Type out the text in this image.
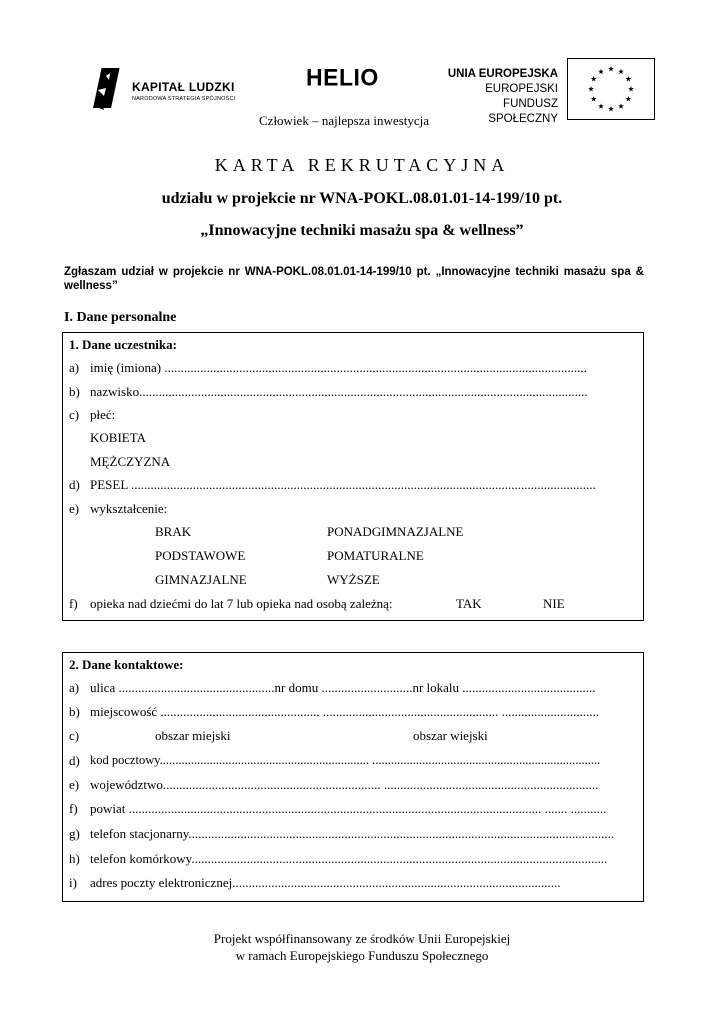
KAPITAŁ LUDZKI
NARODOWA STRATEGIA SPÓJNOŚCI
HELIO	UNIA EUROPEJSKA
EUROPEJSKI
FUNDUSZ SPOŁECZNY
Człowiek – najlepsza inwestycja
KARTA REKRUTACYJNA
udziału w projekcie nr WNA-POKL.08.01.01-14-199/10 pt.
„Innowacyjne techniki masażu spa & wellness”
Zgłaszam udział w projekcie nr WNA-POKL.08.01.01-14-199/10 pt. „Innowacyjne techniki masażu spa & wellness”
I. Dane personalne
1. Dane uczestnika:
a) imię (imiona) ..................................................................................................................................
b) nazwisko..........................................................................................................................................
c) płeć:
KOBIETA
MĘŻCZYZNA
d) PESEL ...............................................................................................................................................
e) wykształcenie:
BRAK	PONADGIMNAZJALNE
PODSTAWOWE	POMATURALNE
GIMNAZJALNE	WYŻSZE
f) opieka nad dziećmi do lat 7 lub opieka nad osobą zależną:	TAK	NIE
2. Dane kontaktowe:
a) ulica ................................................nr domu ............................nr lokalu .........................................
b) miejscowość ................................................. ...................................................... ..............................
c)	obszar miejski	obszar wiejski
d) kod pocztowy................................................................... .........................................................................
e) województwo................................................................... ..................................................................
f) powiat ............................................................................................................................... ....... ...........
g) telefon stacjonarny...................................................................................................................................
h) telefon komórkowy................................................................................................................................
i) adres poczty elektronicznej.....................................................................................................
Projekt współfinansowany ze środków Unii Europejskiej
w ramach Europejskiego Funduszu Społecznego
